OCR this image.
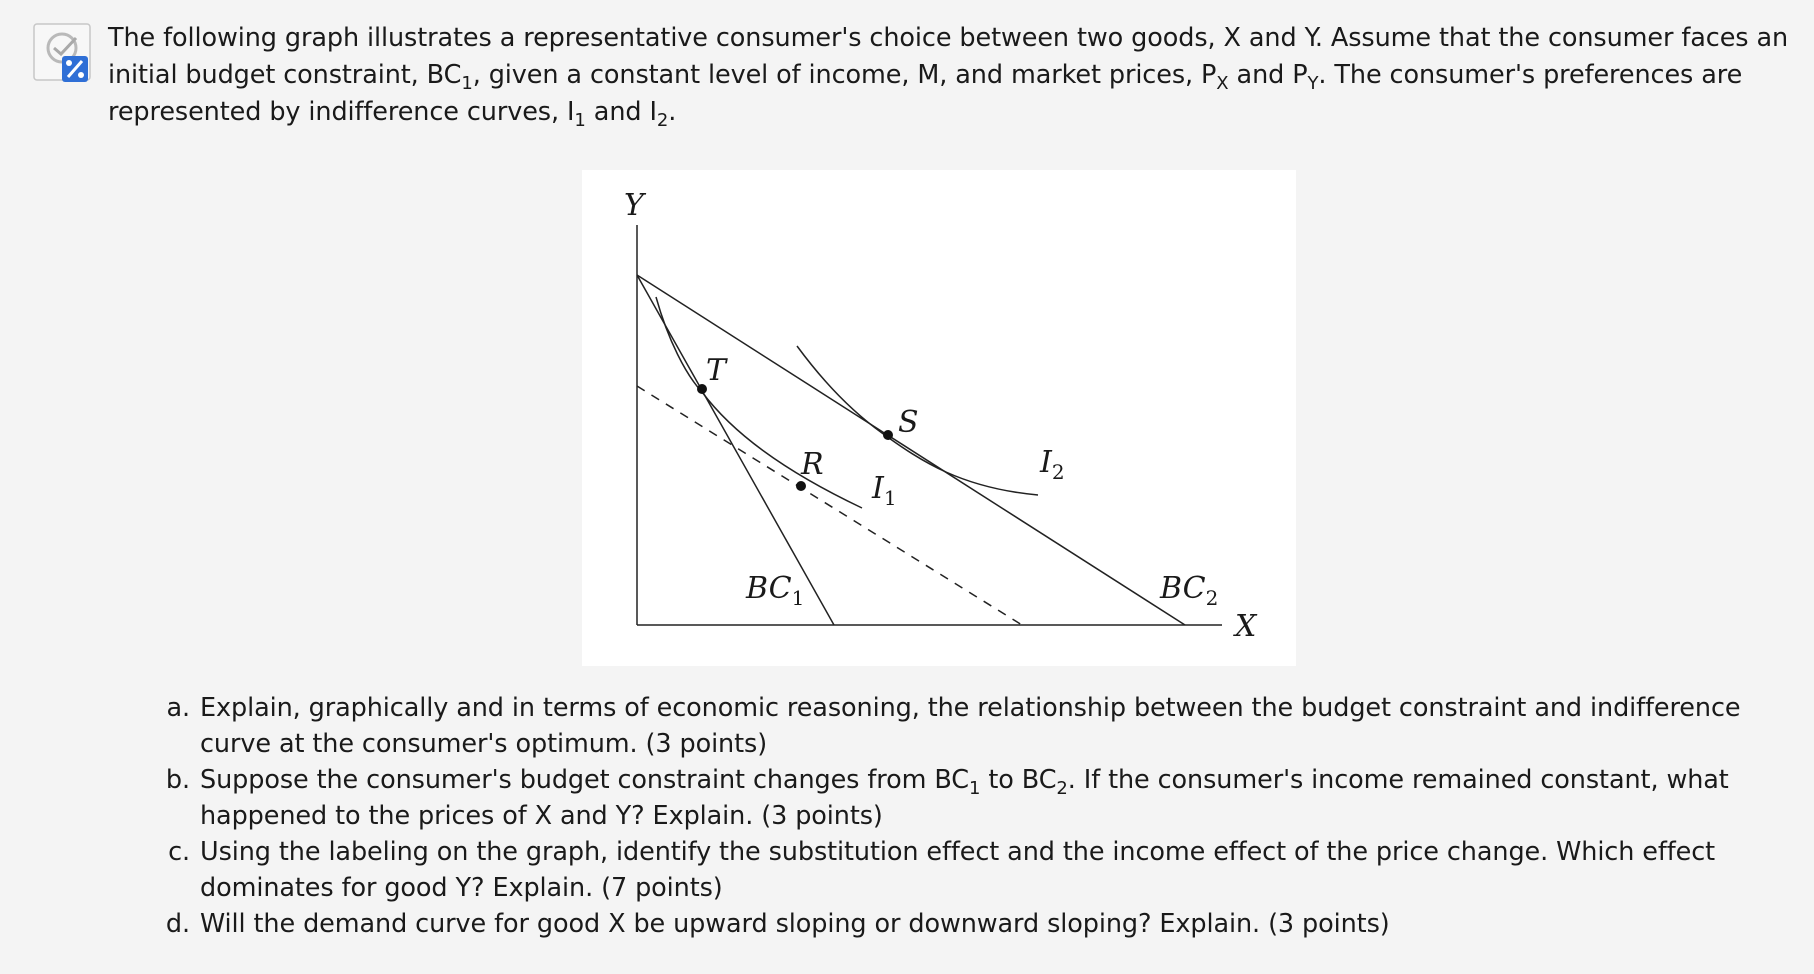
The following graph illustrates a representative consumer's choice between two goods, X and Y. Assume that the consumer faces an initial budget constraint, $BC_1$, given a constant level of income, M, and market prices, $P_X$ and $P_Y$. The consumer's preferences are represented by indifference curves, $I_1$ and $I_2$.
Y
X
T
S
R
$I_1$
$I_2$
$BC_1$	$BC_2$
a. Explain, graphically and in terms of economic reasoning, the relationship between the budget constraint and indifference curve at the consumer's optimum. (3 points)
b. Suppose the consumer's budget constraint changes from $BC_1$ to $BC_2$. If the consumer's income remained constant, what happened to the prices of X and Y? Explain. (3 points)
c. Using the labeling on the graph, identify the substitution effect and the income effect of the price change. Which effect dominates for good Y? Explain. (7 points)
d. Will the demand curve for good X be upward sloping or downward sloping? Explain. (3 points)
